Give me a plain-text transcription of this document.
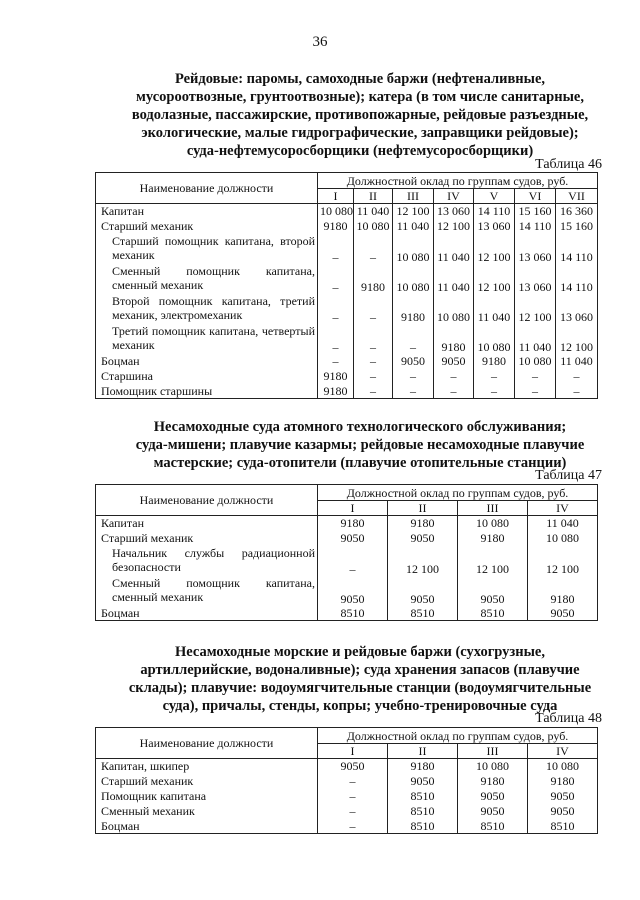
36
Рейдовые: паромы, самоходные баржи (нефтеналивные,
мусороотвозные, грунтоотвозные); катера (в том числе санитарные,
водолазные, пассажирские, противопожарные, рейдовые разъездные,
экологические, малые гидрографические, заправщики рейдовые);
суда-нефтемусоросборщики (нефтемусоросборщики)
Таблица 46
Наименование должности	Должностной оклад по группам судов, руб.						
	I	II	III	IV	V	VI	VII
Капитан	10 080	11 040	12 100	13 060	14 110	15 160	16 360
Старший механик	9180	10 080	11 040	12 100	13 060	14 110	15 160
Старший помощник капитана, второй механик	–	–	10 080	11 040	12 100	13 060	14 110
Сменный помощник капитана, сменный механик	–	9180	10 080	11 040	12 100	13 060	14 110
Второй помощник капитана, третий механик, электромеханик	–	–	9180	10 080	11 040	12 100	13 060
Третий помощник капитана, четвертый механик	–	–	–	9180	10 080	11 040	12 100
Боцман	–	–	9050	9050	9180	10 080	11 040
Старшина	9180	–	–	–	–	–	–
Помощник старшины	9180	–	–	–	–	–	–
Несамоходные суда атомного технологического обслуживания;
суда-мишени; плавучие казармы; рейдовые несамоходные плавучие
мастерские; суда-отопители (плавучие отопительные станции)
Таблица 47
Наименование должности	Должностной оклад по группам судов, руб.			
	I	II	III	IV
Капитан	9180	9180	10 080	11 040
Старший механик	9050	9050	9180	10 080
Начальник службы радиационной безопасности	–	12 100	12 100	12 100
Сменный помощник капитана, сменный механик	9050	9050	9050	9180
Боцман	8510	8510	8510	9050
Несамоходные морские и рейдовые баржи (сухогрузные,
артиллерийские, водоналивные); суда хранения запасов (плавучие
склады); плавучие: водоумягчительные станции (водоумягчительные
суда), причалы, стенды, копры; учебно-тренировочные суда
Таблица 48
Наименование должности	Должностной оклад по группам судов, руб.			
	I	II	III	IV
Капитан, шкипер	9050	9180	10 080	10 080
Старший механик	–	9050	9180	9180
Помощник капитана	–	8510	9050	9050
Сменный механик	–	8510	9050	9050
Боцман	–	8510	8510	8510
